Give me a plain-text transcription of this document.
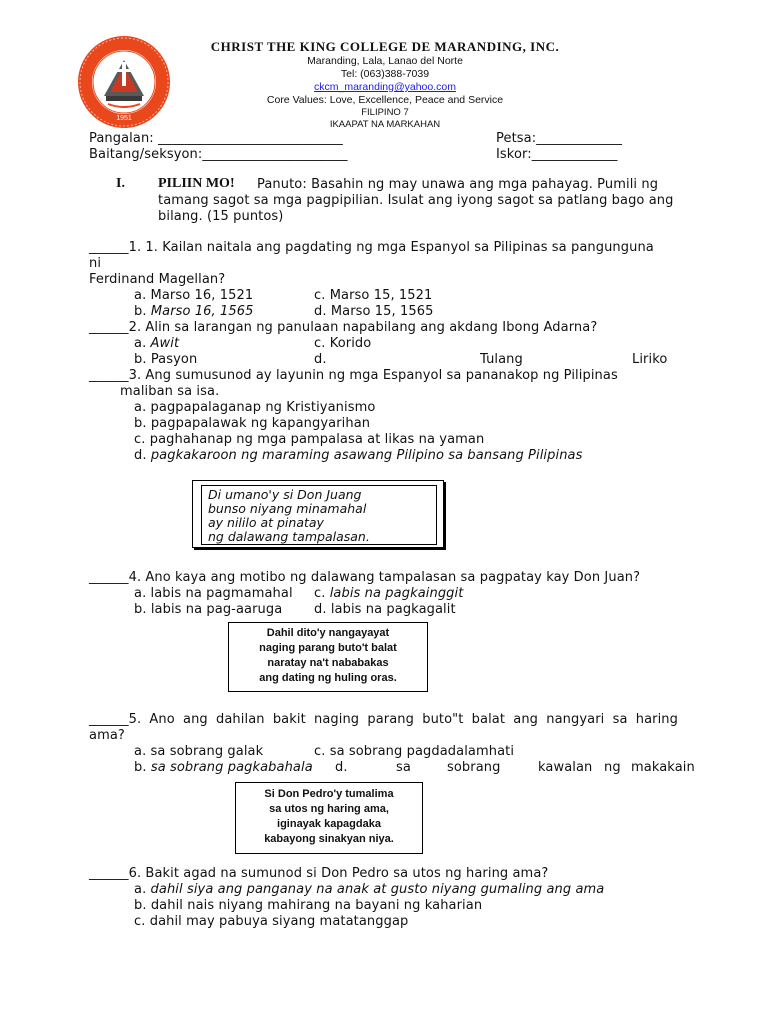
1951
CHRIST THE KING COLLEGE DE MARANDING, INC.
Maranding, Lala, Lanao del Norte
Tel: (063)388-7039
ckcm_maranding@yahoo.com
Core Values: Love, Excellence, Peace and Service
FILIPINO 7
IKAAPAT NA MARKAHAN
Pangalan: ____________________________	Petsa:_____________
Baitang/seksyon:______________________	Iskor:_____________
I. PILIIN MO! Panuto: Basahin ng may unawa ang mga pahayag. Pumili ng
tamang sagot sa mga pagpipilian. Isulat ang iyong sagot sa patlang bago ang
bilang. (15 puntos)
______1. 1. Kailan naitala ang pagdating ng mga Espanyol sa Pilipinas sa pangunguna
ni
Ferdinand Magellan?
a. Marso 16, 1521	c. Marso 15, 1521
b. Marso 16, 1565	d. Marso 15, 1565
______2. Alin sa larangan ng panulaan napabilang ang akdang Ibong Adarna?
a. Awit	c. Korido
b. Pasyon	d.	Tulang	Liriko
______3. Ang sumusunod ay layunin ng mga Espanyol sa pananakop ng Pilipinas
maliban sa isa.
a. pagpapalaganap ng Kristiyanismo
b. pagpapalawak ng kapangyarihan
c. paghahanap ng mga pampalasa at likas na yaman
d. pagkakaroon ng maraming asawang Pilipino sa bansang Pilipinas
Di umano'y si Don Juang
bunso niyang minamahal
ay nililo at pinatay
ng dalawang tampalasan.
______4. Ano kaya ang motibo ng dalawang tampalasan sa pagpatay kay Don Juan?
a. labis na pagmamahal c. labis na pagkainggit
b. labis na pag-aaruga d. labis na pagkagalit
Dahil dito'y nangayayat
naging parang buto't balat
naratay na't nababakas
ang dating ng huling oras.
______5. Ano ang dahilan bakit naging parang buto"t balat ang nangyari sa haring
ama?
a. sa sobrang galak	c. sa sobrang pagdadalamhati
b. sa sobrang pagkabahala d.	sa	sobrang	kawalan ng makakain
Si Don Pedro'y tumalima
sa utos ng haring ama,
iginayak kapagdaka
kabayong sinakyan niya.
______6. Bakit agad na sumunod si Don Pedro sa utos ng haring ama?
a. dahil siya ang panganay na anak at gusto niyang gumaling ang ama
b. dahil nais niyang mahirang na bayani ng kaharian
c. dahil may pabuya siyang matatanggap
